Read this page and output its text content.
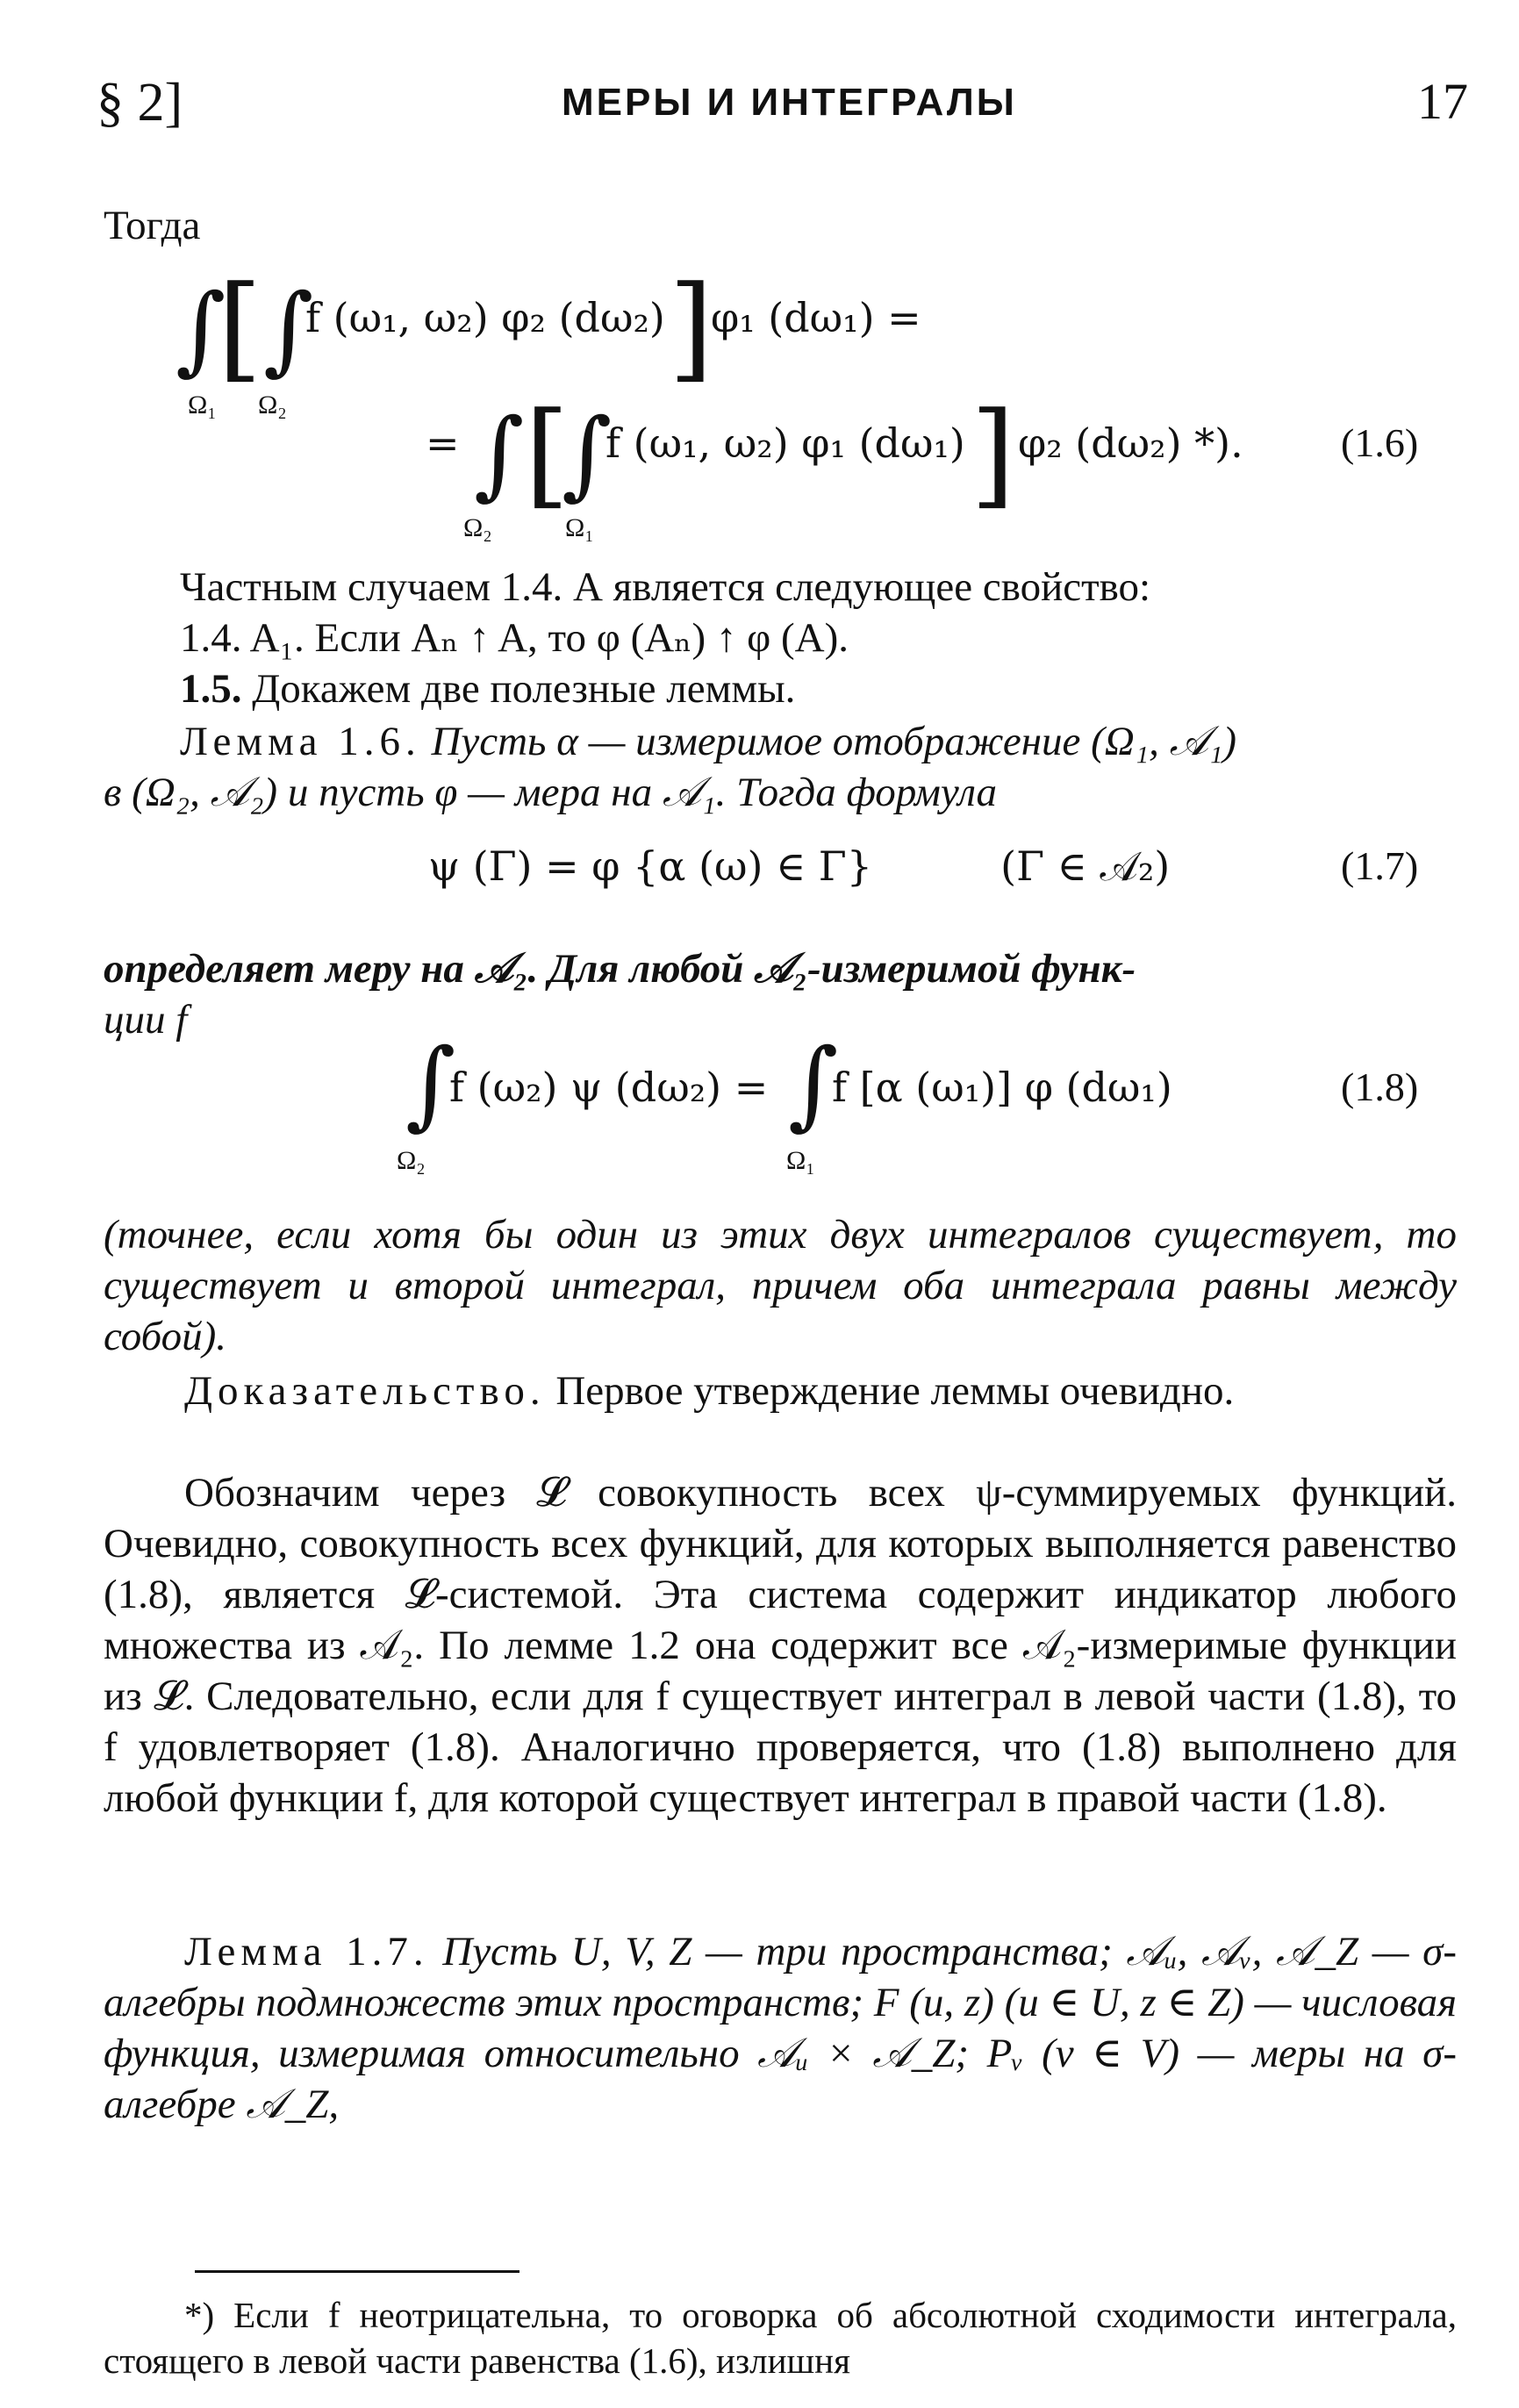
§ 2]	МЕРЫ И ИНТЕГРАЛЫ	17
Тогда
∫
Ω₁
[ ∫
Ω₂
f (ω₁, ω₂) φ₂ (dω₂) ]
φ₁ (dω₁) =
= ∫
Ω₂
[
∫
Ω₁
f (ω₁, ω₂) φ₁ (dω₁) ] φ₂ (dω₂) *). (1.6)
Частным случаем 1.4. А является следующее свойство:
1.4. A₁. Если Aₙ ↑ A, то φ (Aₙ) ↑ φ (A).
1.5. Докажем две полезные леммы.
Лемма 1.6. Пусть α — измеримое отображение (Ω₁, 𝒜₁)
в (Ω₂, 𝒜₂) и пусть φ — мера на 𝒜₁. Тогда формула
ψ (Γ) = φ {α (ω) ∈ Γ}          (Γ ∈ 𝒜₂)	(1.7)
определяет меру на 𝒜₂. Для любой 𝒜₂-измеримой функ-
ции f
∫
Ω₂
f (ω₂) ψ (dω₂) = ∫
Ω₁
f [α (ω₁)] φ (dω₁)	(1.8)
(точнее, если хотя бы один из этих двух интегралов существует, то существует и второй интеграл, причем оба интеграла равны между собой).
Доказательство. Первое утверждение леммы очевидно.
Обозначим через 𝓛 совокупность всех ψ-суммируемых функций. Очевидно, совокупность всех функций, для которых выполняется равенство (1.8), является 𝓛-системой. Эта система содержит индикатор любого множества из 𝒜₂. По лемме 1.2 она содержит все 𝒜₂-измеримые функции из 𝓛. Следовательно, если для f существует интеграл в левой части (1.8), то f удовлетворяет (1.8). Аналогично проверяется, что (1.8) выполнено для любой функции f, для которой существует интеграл в правой части (1.8).
Лемма 1.7. Пусть U, V, Z — три пространства; 𝒜ᵤ, 𝒜ᵥ, 𝒜_Z — σ-алгебры подмножеств этих пространств; F (u, z) (u ∈ U, z ∈ Z) — числовая функция, измеримая относительно 𝒜ᵤ × 𝒜_Z; Pᵥ (v ∈ V) — меры на σ-алгебре 𝒜_Z,
*) Если f неотрицательна, то оговорка об абсолютной сходимости интеграла, стоящего в левой части равенства (1.6), излишня
